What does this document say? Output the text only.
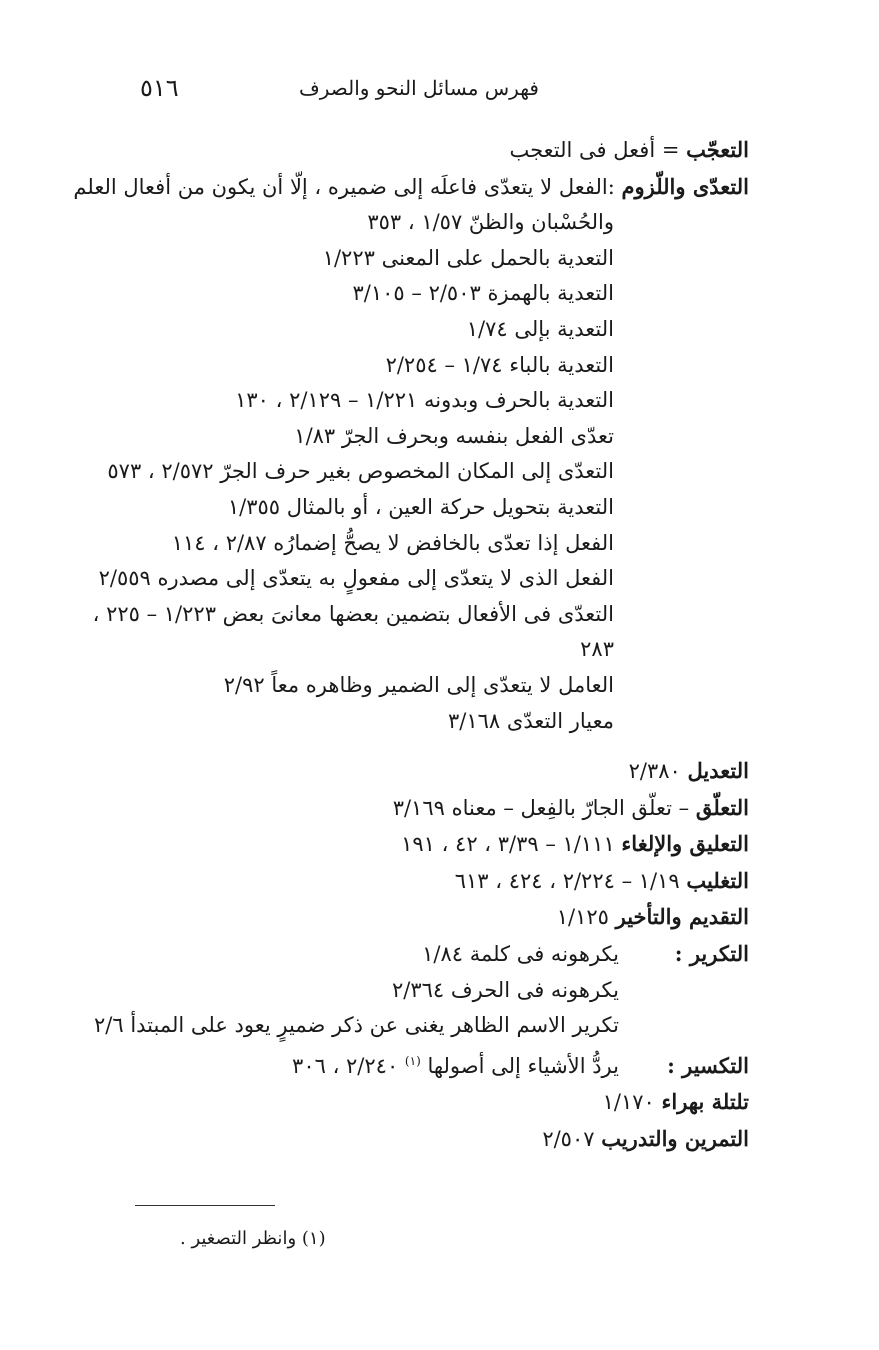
٥١٦	فهرس مسائل النحو والصرف
التعجّب = أفعل فى التعجب
التعدّى واللّزوم :الفعل لا يتعدّى فاعلَه إلى ضميره ، إلّا أن يكون من أفعال العلم
والحُسْبان والظنّ ١/٥٧ ، ٣٥٣
التعدية بالحمل على المعنى ١/٢٢٣
التعدية بالهمزة ٢/٥٠٣ – ٣/١٠٥
التعدية بإلى ١/٧٤
التعدية بالباء ١/٧٤ – ٢/٢٥٤
التعدية بالحرف وبدونه ١/٢٢١ – ٢/١٢٩ ، ١٣٠
تعدّى الفعل بنفسه وبحرف الجرّ ١/٨٣
التعدّى إلى المكان المخصوص بغير حرف الجرّ ٢/٥٧٢ ، ٥٧٣
التعدية بتحويل حركة العين ، أو بالمثال ١/٣٥٥
الفعل إذا تعدّى بالخافض لا يصحُّ إضمارُه ٢/٨٧ ، ١١٤
الفعل الذى لا يتعدّى إلى مفعولٍ به يتعدّى إلى مصدره ٢/٥٥٩
التعدّى فى الأفعال بتضمين بعضها معانىَ بعض ١/٢٢٣ – ٢٢٥ ، ٢٨٣
العامل لا يتعدّى إلى الضمير وظاهره معاً ٢/٩٢
معيار التعدّى ٣/١٦٨
التعديل ٢/٣٨٠
التعلّق – تعلّق الجارّ بالفِعل – معناه ٣/١٦٩
التعليق والإلغاء ١/١١١ – ٣/٣٩ ، ٤٢ ، ١٩١
التغليب ١/١٩ – ٢/٢٢٤ ، ٤٢٤ ، ٦١٣
التقديم والتأخير ١/١٢٥
التكرير :يكرهونه فى كلمة ١/٨٤
يكرهونه فى الحرف ٢/٣٦٤
تكرير الاسم الظاهر يغنى عن ذكر ضميرٍ يعود على المبتدأ ٢/٦
التكسير :يردُّ الأشياء إلى أصولها $^{(١)}$ ٢/٢٤٠ ، ٣٠٦
تلتلة بهراء ١/١٧٠
التمرين والتدريب ٢/٥٠٧
(١) وانظر التصغير .
